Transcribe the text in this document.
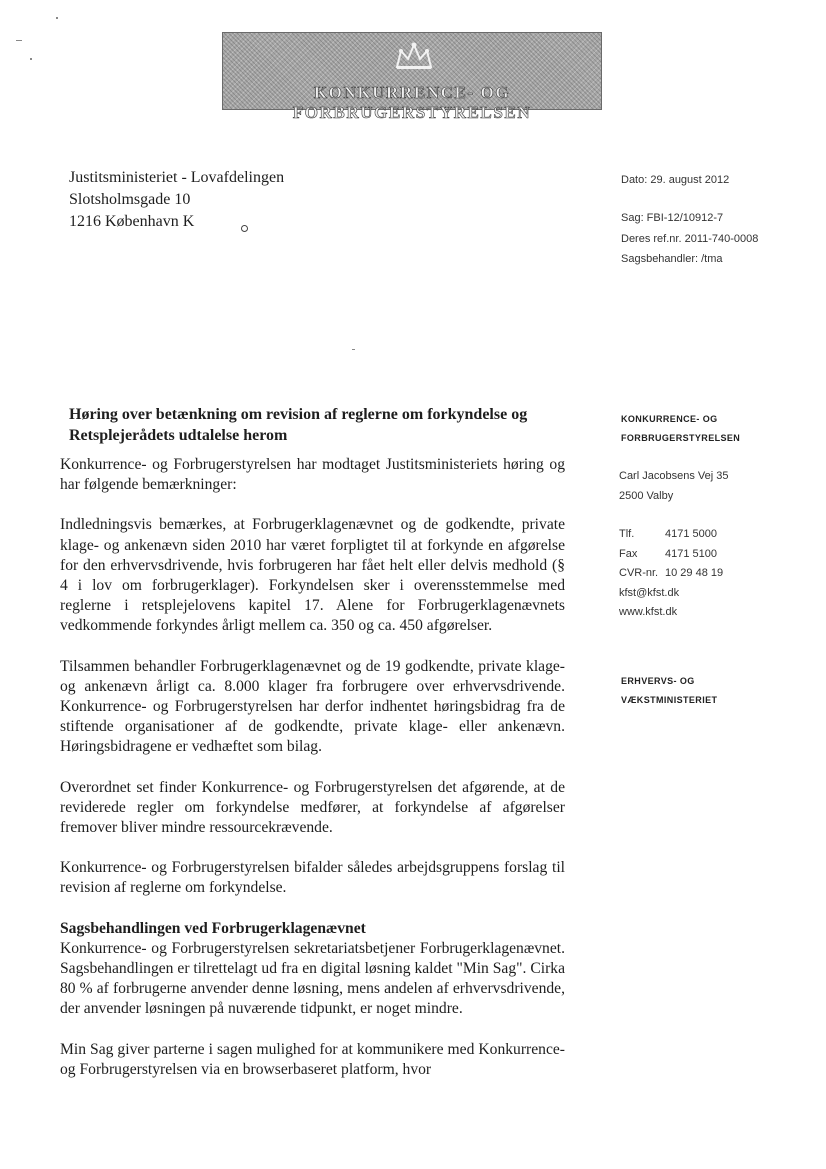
KONKURRENCE- OG FORBRUGERSTYRELSEN
Justitsministeriet - Lovafdelingen
Slotsholmsgade 10
1216 København K
Dato: 29. august 2012
Sag: FBI-12/10912-7
Deres ref.nr. 2011-740-0008
Sagsbehandler: /tma
Høring over betænkning om revision af reglerne om forkyndelse og
Retsplejerådets udtalelse herom

Konkurrence- og Forbrugerstyrelsen har modtaget Justitsministeriets høring og har følgende bemærkninger:

Indledningsvis bemærkes, at Forbrugerklagenævnet og de godkendte, private klage- og ankenævn siden 2010 har været forpligtet til at forkynde en afgørelse for den erhvervsdrivende, hvis forbrugeren har fået helt eller delvis medhold (§ 4 i lov om forbrugerklager). Forkyndelsen sker i overensstemmelse med reglerne i retsplejelovens kapitel 17. Alene for Forbrugerklagenævnets vedkommende forkyndes årligt mellem ca. 350 og ca. 450 afgørelser.

Tilsammen behandler Forbrugerklagenævnet og de 19 godkendte, private klage- og ankenævn årligt ca. 8.000 klager fra forbrugere over erhvervsdrivende. Konkurrence- og Forbrugerstyrelsen har derfor indhentet høringsbidrag fra de stiftende organisationer af de godkendte, private klage- eller ankenævn. Høringsbidragene er vedhæftet som bilag.

Overordnet set finder Konkurrence- og Forbrugerstyrelsen det afgørende, at de reviderede regler om forkyndelse medfører, at forkyndelse af afgørelser fremover bliver mindre ressourcekrævende.

Konkurrence- og Forbrugerstyrelsen bifalder således arbejdsgruppens forslag til revision af reglerne om forkyndelse.

Sagsbehandlingen ved Forbrugerklagenævnet

Konkurrence- og Forbrugerstyrelsen sekretariatsbetjener Forbrugerklagenævnet. Sagsbehandlingen er tilrettelagt ud fra en digital løsning kaldet "Min Sag". Cirka 80 % af forbrugerne anvender denne løsning, mens andelen af erhvervsdrivende, der anvender løsningen på nuværende tidpunkt, er noget mindre.

Min Sag giver parterne i sagen mulighed for at kommunikere med Konkurrence- og Forbrugerstyrelsen via en browserbaseret platform, hvor

KONKURRENCE- OG
FORBRUGERSTYRELSEN
Carl Jacobsens Vej 35
2500 Valby
Tlf.	4171 5000
Fax	4171 5100
CVR-nr. 10 29 48 19
kfst@kfst.dk
www.kfst.dk
ERHVERVS- OG
VÆKSTMINISTERIET
